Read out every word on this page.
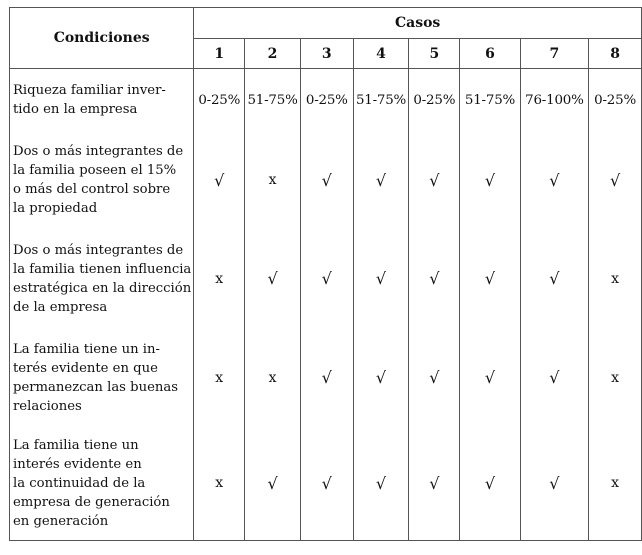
Condiciones	Casos							
	1	2	3	4	5	6	7	8

Riqueza familiar inver-
tido en la empresa	0-25%	51-75%	0-25%	51-75%	0-25%	51-75%	76-100%	0-25%

Dos o más integrantes de
la familia poseen el 15%
o más del control sobre
la propiedad	√	x	√	√	√	√	√	√

Dos o más integrantes de
la familia tienen influencia
estratégica en la dirección
de la empresa	x	√	√	√	√	√	√	x

La familia tiene un in-
terés evidente en que
permanezcan las buenas
relaciones	x	x	√	√	√	√	√	x

La familia tiene un
interés evidente en
la continuidad de la
empresa de generación
en generación	x	√	√	√	√	√	√	x
